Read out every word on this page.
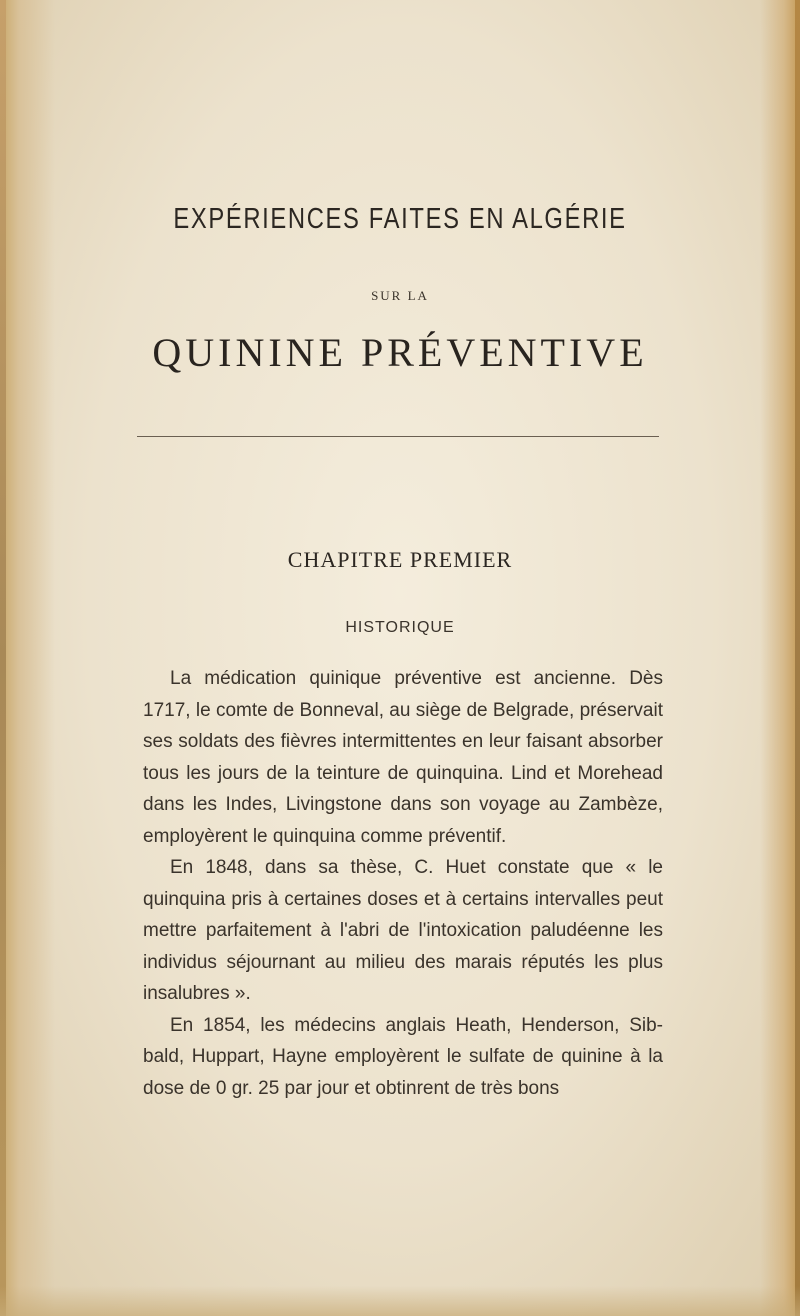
EXPÉRIENCES FAITES EN ALGÉRIE
SUR LA
QUININE PRÉVENTIVE
CHAPITRE PREMIER
HISTORIQUE

La médication quinique préventive est ancienne. Dès 1717, le comte de Bonneval, au siège de Belgrade, préservait ses soldats des fièvres intermittentes en leur faisant absorber tous les jours de la teinture de quinquina. Lind et Morehead dans les Indes, Livingstone dans son voyage au Zambèze, employèrent le quinquina comme préventif.

En 1848, dans sa thèse, C. Huet constate que « le quinquina pris à certaines doses et à certains intervalles peut mettre parfaitement à l'abri de l'intoxication paludéenne les individus séjournant au milieu des marais réputés les plus insalubres ».

En 1854, les médecins anglais Heath, Henderson, Sibbald, Huppart, Hayne employèrent le sulfate de quinine à la dose de 0 gr. 25 par jour et obtinrent de très bons
